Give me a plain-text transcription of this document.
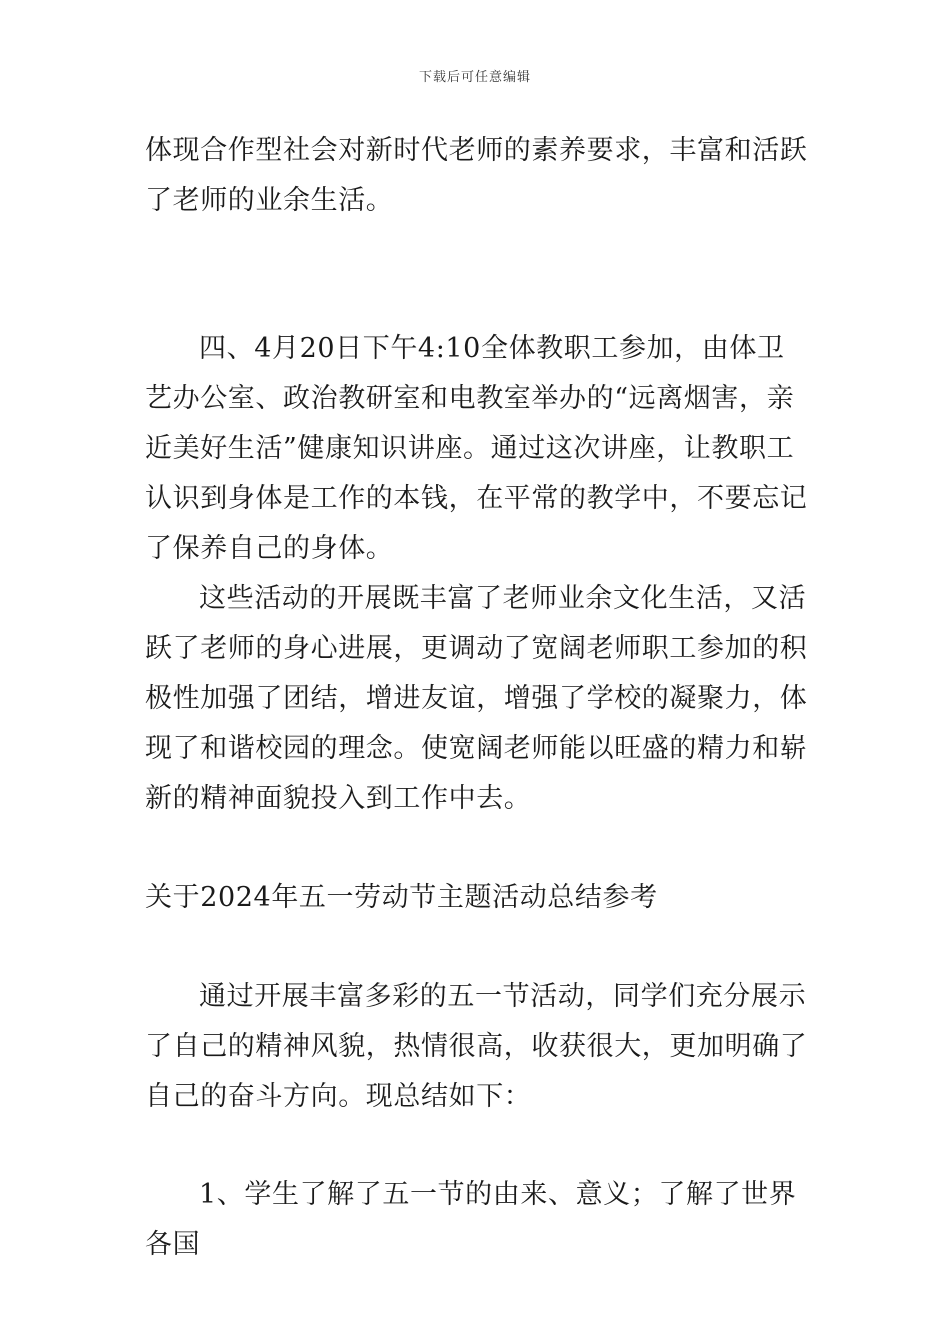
下载后可任意编辑

体现合作型社会对新时代老师的素养要求，丰富和活跃了老师的业余生活。

四、4月20日下午4:10全体教职工参加，由体卫艺办公室、政治教研室和电教室举办的“远离烟害，亲近美好生活”健康知识讲座。通过这次讲座，让教职工认识到身体是工作的本钱，在平常的教学中，不要忘记了保养自己的身体。

这些活动的开展既丰富了老师业余文化生活，又活跃了老师的身心进展，更调动了宽阔老师职工参加的积极性加强了团结，增进友谊，增强了学校的凝聚力，体现了和谐校园的理念。使宽阔老师能以旺盛的精力和崭新的精神面貌投入到工作中去。

关于2024年五一劳动节主题活动总结参考

通过开展丰富多彩的五一节活动，同学们充分展示了自己的精神风貌，热情很高，收获很大，更加明确了自己的奋斗方向。现总结如下：

1、学生了解了五一节的由来、意义；了解了世界各国
